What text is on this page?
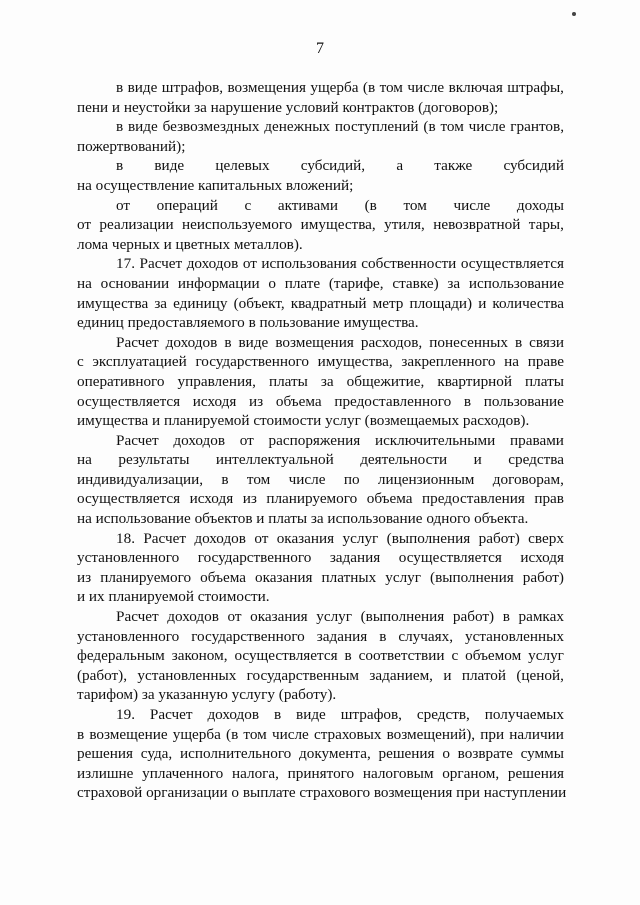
7
в виде штрафов, возмещения ущерба (в том числе включая штрафы,
пени и неустойки за нарушение условий контрактов (договоров);
в виде безвозмездных денежных поступлений (в том числе грантов,
пожертвований);
в виде целевых субсидий, а также субсидий
на осуществление капитальных вложений;
от операций с активами (в том числе доходы
от реализации неиспользуемого имущества, утиля, невозвратной тары,
лома черных и цветных металлов).
17. Расчет доходов от использования собственности осуществляется
на основании информации о плате (тарифе, ставке) за использование
имущества за единицу (объект, квадратный метр площади) и количества
единиц предоставляемого в пользование имущества.
Расчет доходов в виде возмещения расходов, понесенных в связи
с эксплуатацией государственного имущества, закрепленного на праве
оперативного управления, платы за общежитие, квартирной платы
осуществляется исходя из объема предоставленного в пользование
имущества и планируемой стоимости услуг (возмещаемых расходов).
Расчет доходов от распоряжения исключительными правами
на результаты интеллектуальной деятельности и средства
индивидуализации, в том числе по лицензионным договорам,
осуществляется исходя из планируемого объема предоставления прав
на использование объектов и платы за использование одного объекта.
18. Расчет доходов от оказания услуг (выполнения работ) сверх
установленного государственного задания осуществляется исходя
из планируемого объема оказания платных услуг (выполнения работ)
и их планируемой стоимости.
Расчет доходов от оказания услуг (выполнения работ) в рамках
установленного государственного задания в случаях, установленных
федеральным законом, осуществляется в соответствии с объемом услуг
(работ), установленных государственным заданием, и платой (ценой,
тарифом) за указанную услугу (работу).
19. Расчет доходов в виде штрафов, средств, получаемых
в возмещение ущерба (в том числе страховых возмещений), при наличии
решения суда, исполнительного документа, решения о возврате суммы
излишне уплаченного налога, принятого налоговым органом, решения
страховой организации о выплате страхового возмещения при наступлении
